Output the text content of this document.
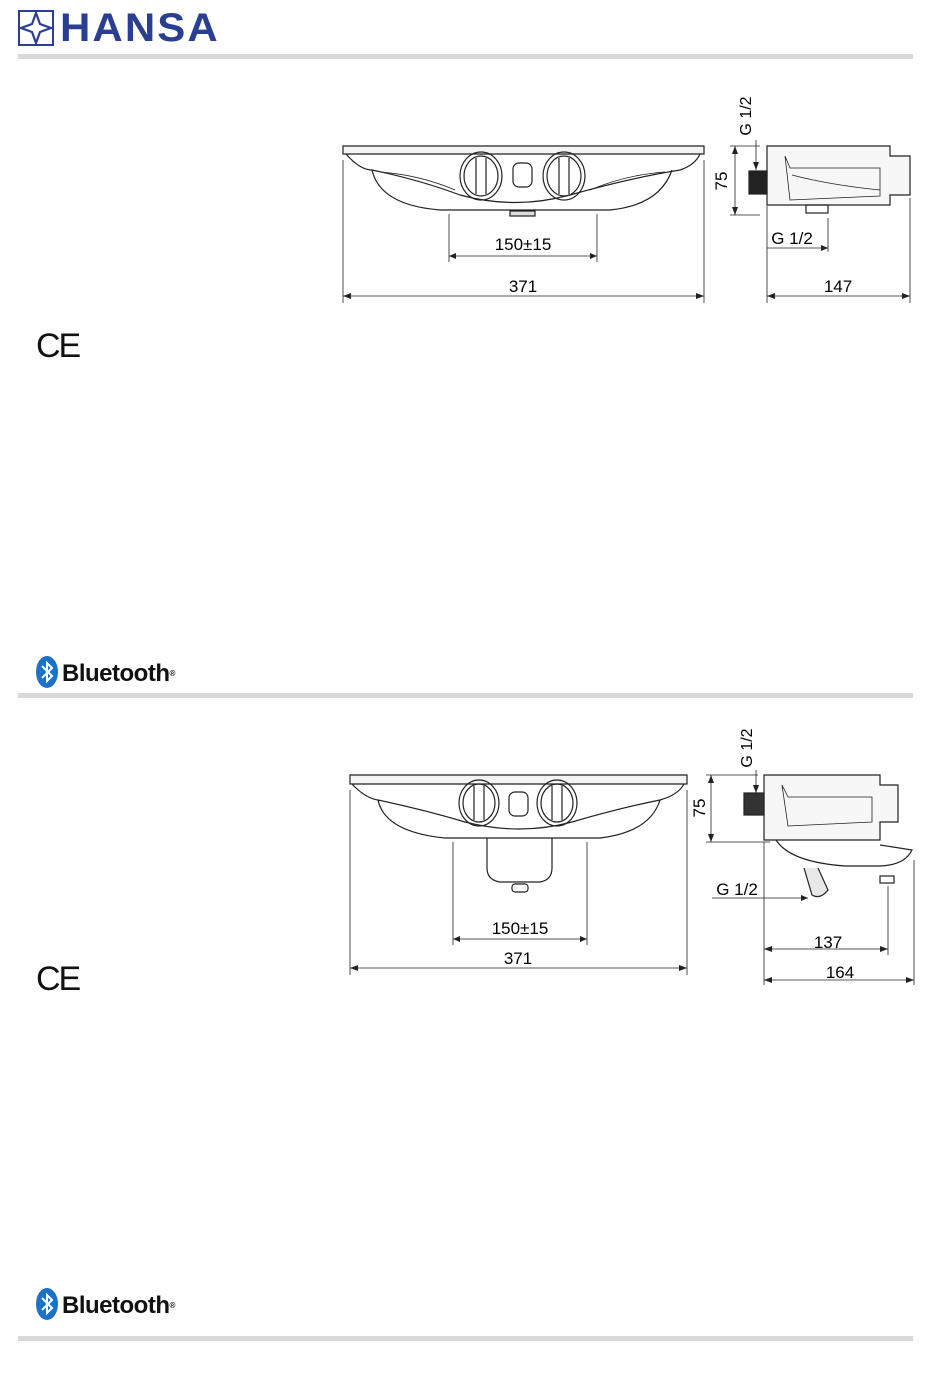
HANSA
150±15
371	147
G 1/2
75
G 1/2
CE
Bluetooth®
150±15
371
137
164
G 1/2
75
G 1/2
CE
Bluetooth®
